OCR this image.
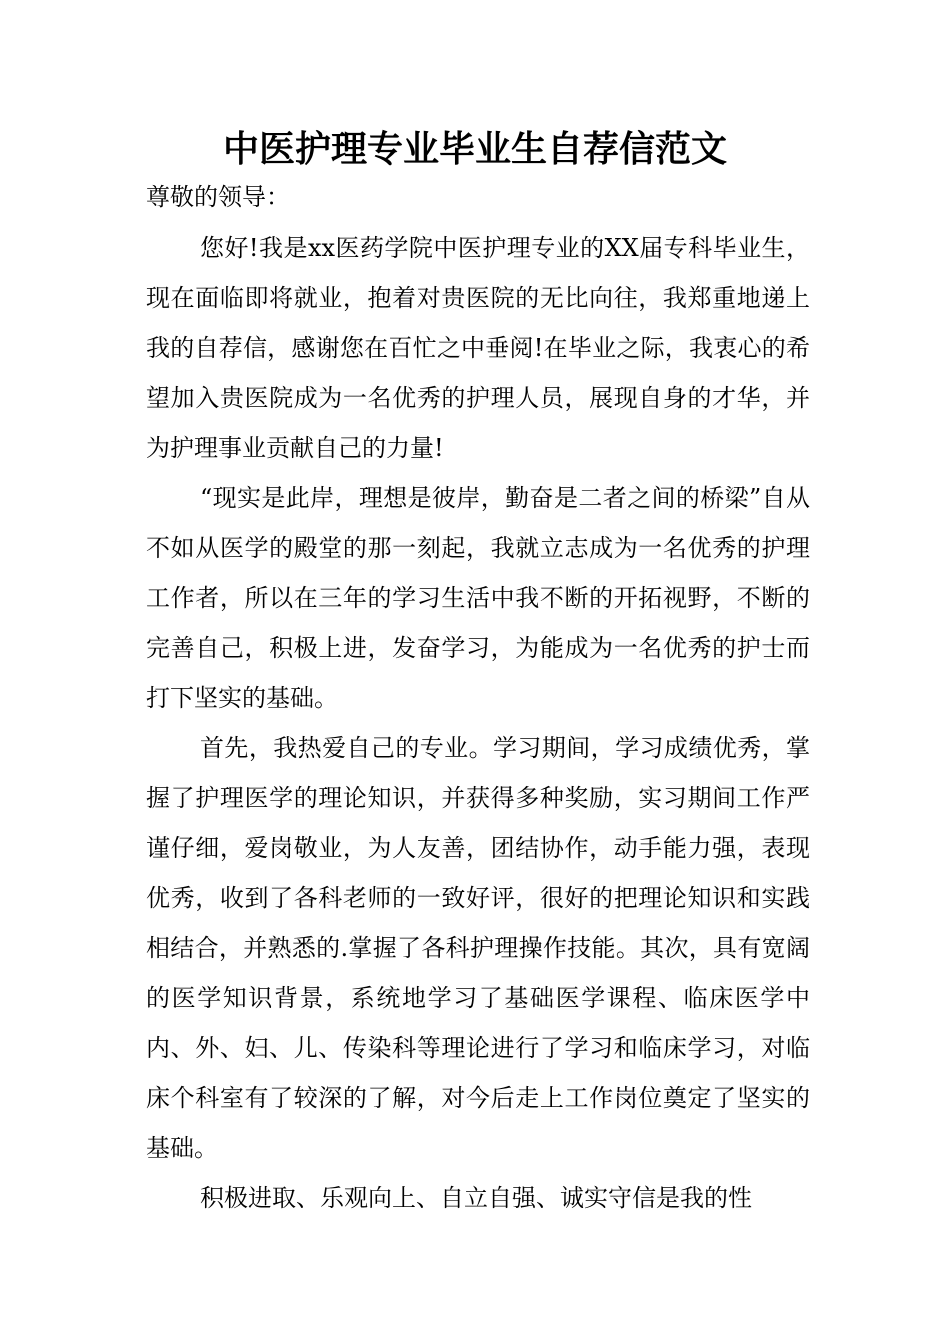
中医护理专业毕业生自荐信范文

尊敬的领导：

您好!我是xx医药学院中医护理专业的XX届专科毕业生，现在面临即将就业，抱着对贵医院的无比向往，我郑重地递上我的自荐信，感谢您在百忙之中垂阅!在毕业之际，我衷心的希望加入贵医院成为一名优秀的护理人员，展现自身的才华，并为护理事业贡献自己的力量!

“现实是此岸，理想是彼岸，勤奋是二者之间的桥梁”自从不如从医学的殿堂的那一刻起，我就立志成为一名优秀的护理工作者，所以在三年的学习生活中我不断的开拓视野，不断的完善自己，积极上进，发奋学习，为能成为一名优秀的护士而打下坚实的基础。

首先，我热爱自己的专业。学习期间，学习成绩优秀，掌握了护理医学的理论知识，并获得多种奖励，实习期间工作严谨仔细，爱岗敬业，为人友善，团结协作，动手能力强，表现优秀，收到了各科老师的一致好评，很好的把理论知识和实践相结合，并熟悉的.掌握了各科护理操作技能。其次，具有宽阔的医学知识背景，系统地学习了基础医学课程、临床医学中内、外、妇、儿、传染科等理论进行了学习和临床学习，对临床个科室有了较深的了解，对今后走上工作岗位奠定了坚实的基础。

积极进取、乐观向上、自立自强、诚实守信是我的性
